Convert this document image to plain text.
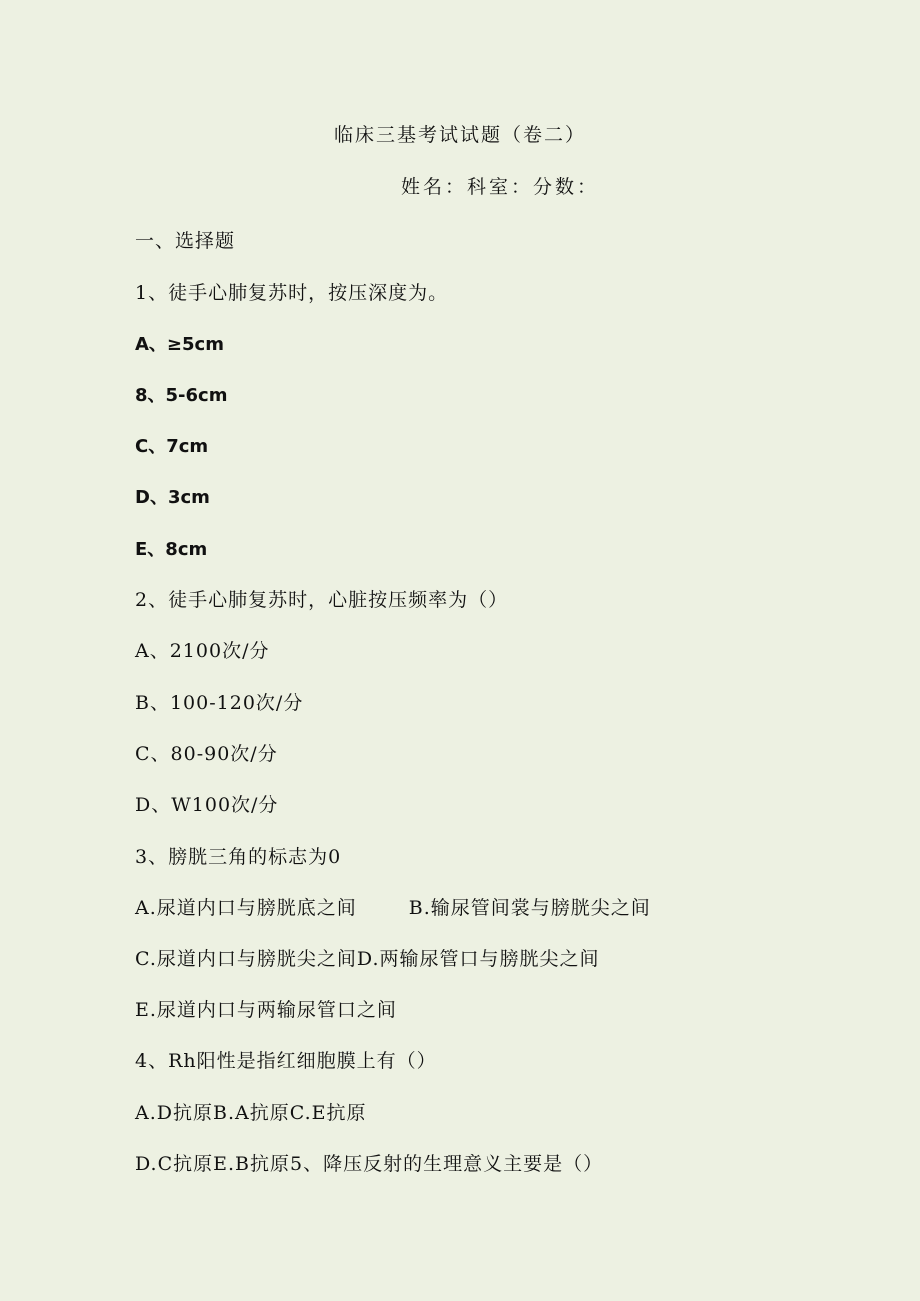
临床三基考试试题（卷二）
姓名：科室：分数：
一、选择题
1、徒手心肺复苏时，按压深度为。
A、≥5cm
8、5-6cm
C、7cm
D、3cm
E、8cm
2、徒手心肺复苏时，心脏按压频率为（）
A、2100次/分
B、100-120次/分
C、80-90次/分
D、W100次/分
3、膀胱三角的标志为0
A.尿道内口与膀胱底之间	B.输尿管间裳与膀胱尖之间
C.尿道内口与膀胱尖之间D.两输尿管口与膀胱尖之间
E.尿道内口与两输尿管口之间
4、Rh阳性是指红细胞膜上有（）
A.D抗原B.A抗原C.E抗原
D.C抗原E.B抗原5、降压反射的生理意义主要是（）
